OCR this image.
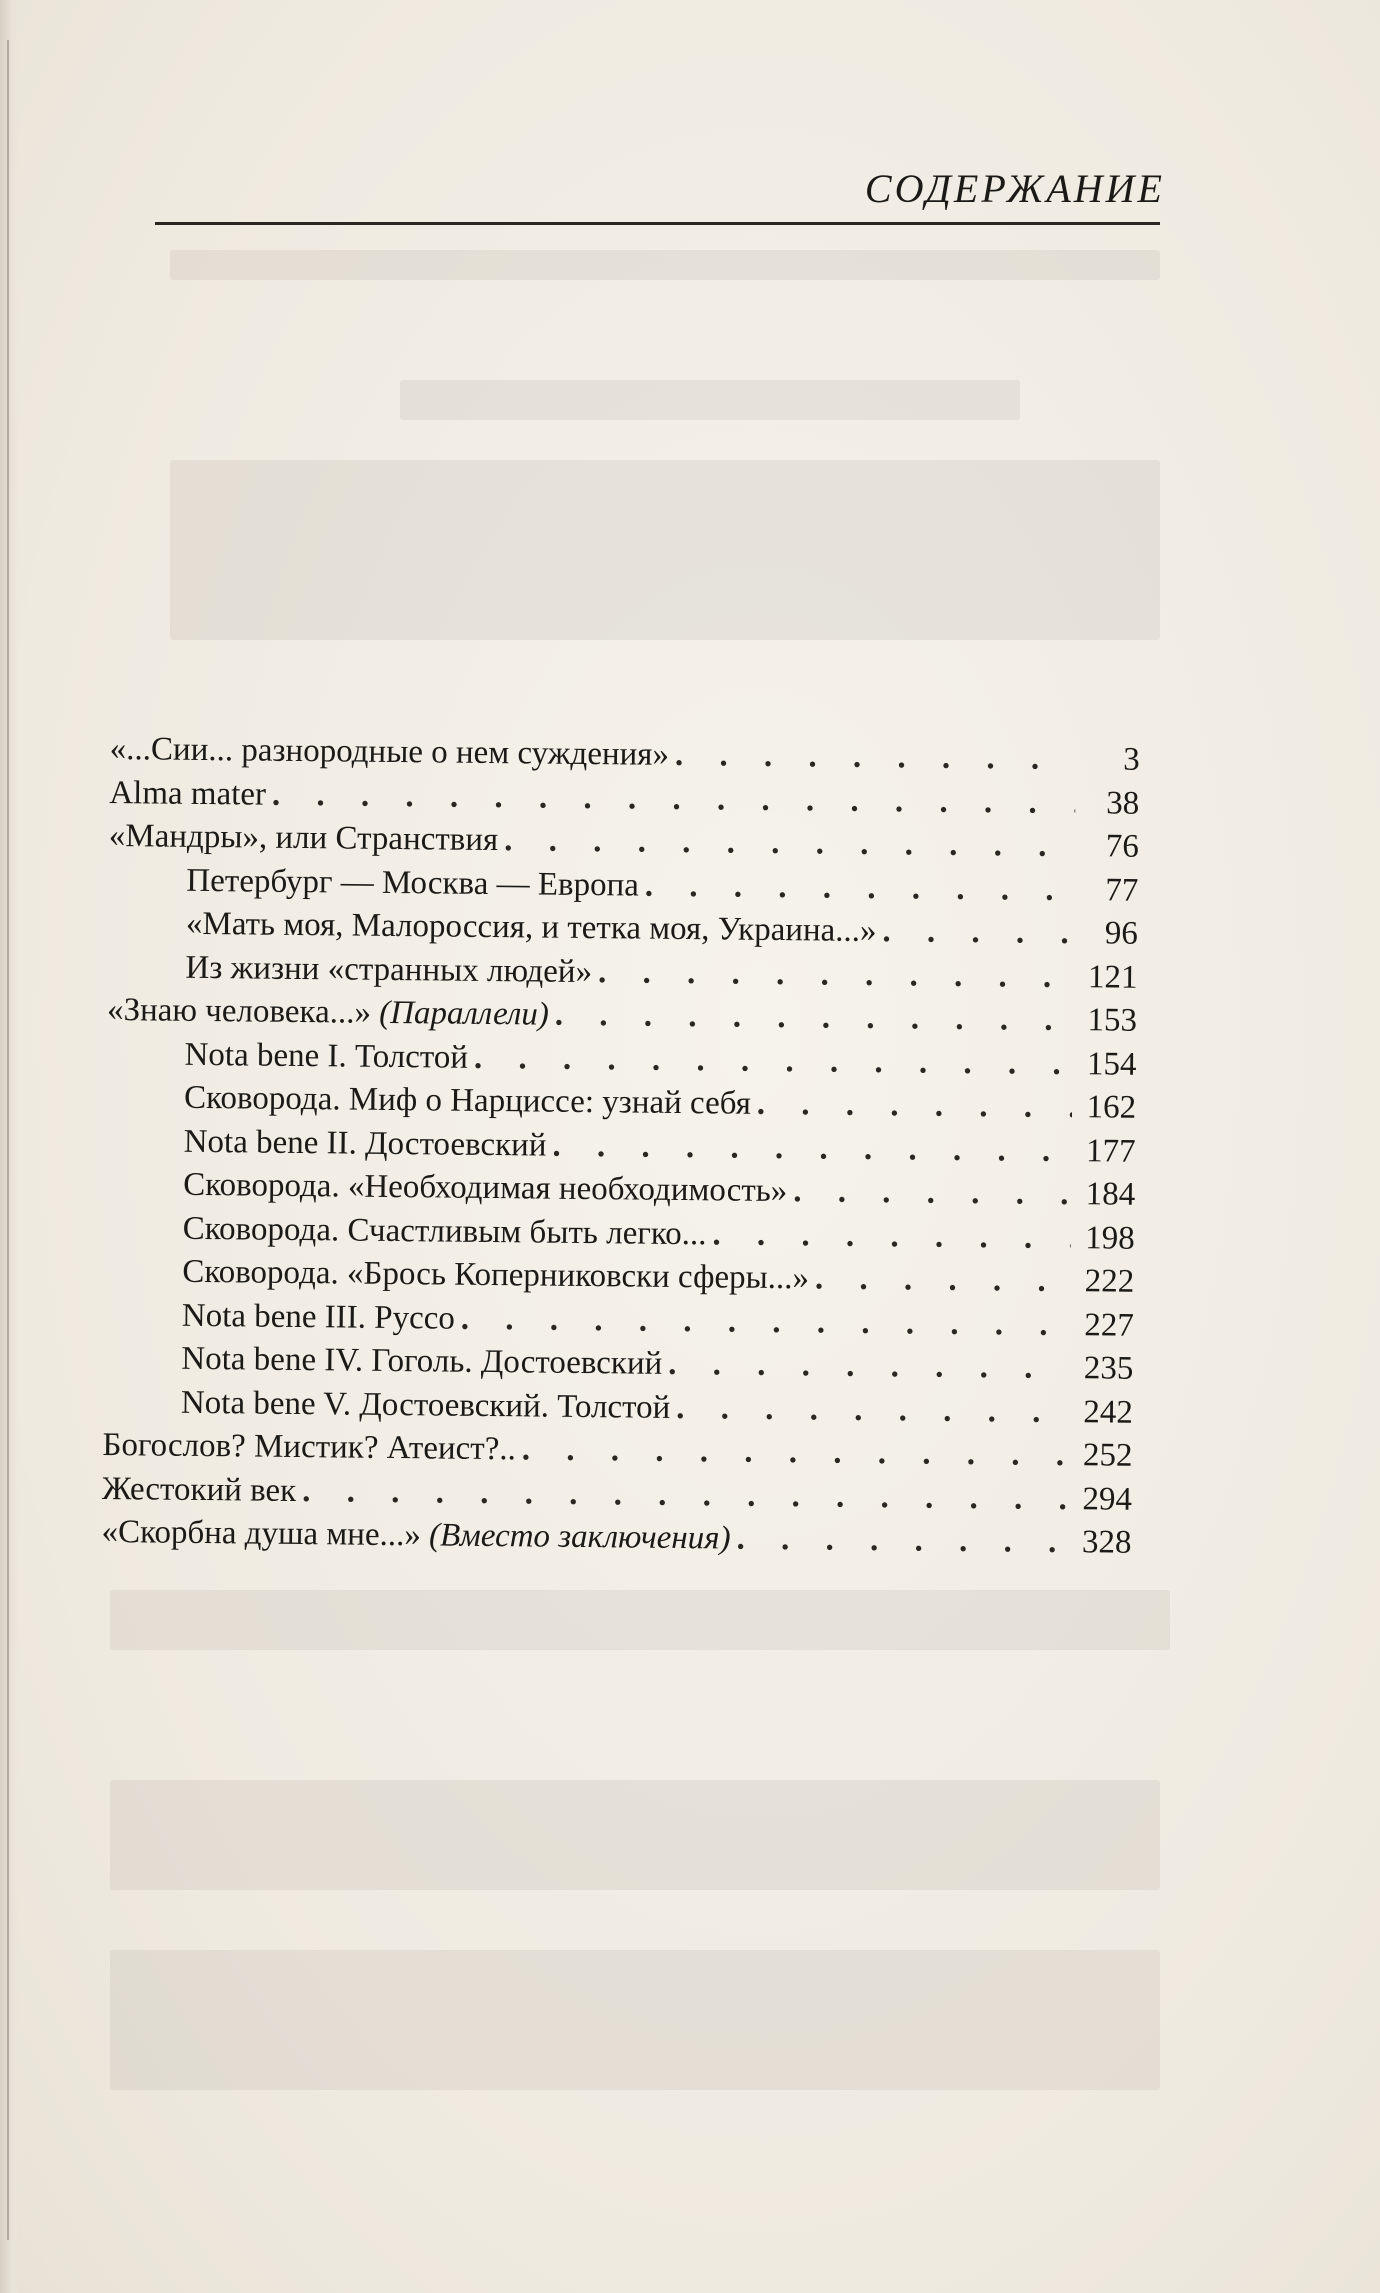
СОДЕРЖАНИЕ
«...Сии... разнородные о нем суждения» . . .	3
Alma mater . . .	38
«Мандры», или Странствия . . .	76
Петербург — Москва — Европа . . .	77
«Мать моя, Малороссия, и тетка моя, Украина...» . . .	96
Из жизни «странных людей» . . .	121
«Знаю человека...» (Параллели) . . .	153
Nota bene I. Толстой . . .	154
Сковорода. Миф о Нарциссе: узнай себя . . .	162
Nota bene II. Достоевский . . .	177
Сковорода. «Необходимая необходимость» . . .	184
Сковорода. Счастливым быть легко... . . .	198
Сковорода. «Брось Коперниковски сферы...» . . .	222
Nota bene III. Руссо . . .	227
Nota bene IV. Гоголь. Достоевский . . .	235
Nota bene V. Достоевский. Толстой . . .	242
Богослов? Мистик? Атеист?.. . . .	252
Жестокий век . . .	294
«Скорбна душа мне...» (Вместо заключения) . . .	328
